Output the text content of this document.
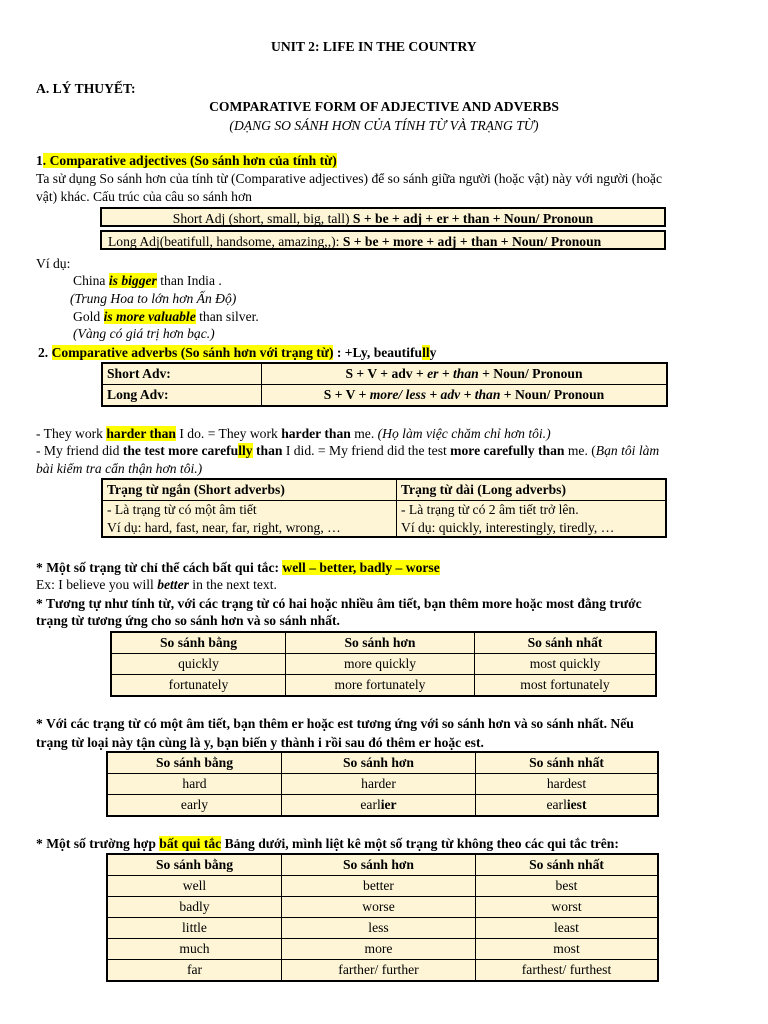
UNIT 2: LIFE IN THE COUNTRY
A. LÝ THUYẾT:
COMPARATIVE FORM OF ADJECTIVE AND ADVERBS
(DẠNG SO SÁNH HƠN CỦA TÍNH TỪ VÀ TRẠNG TỪ)
1. Comparative adjectives (So sánh hơn của tính từ)
Ta sử dụng So sánh hơn của tính từ (Comparative adjectives) để so sánh giữa người (hoặc vật) này với người (hoặc
vật) khác. Cấu trúc của câu so sánh hơn
Short Adj (short, small, big, tall) S + be + adj + er + than + Noun/ Pronoun
Long Adj(beatifull, handsome, amazing,,): S + be + more + adj + than + Noun/ Pronoun
Ví dụ:
China is bigger than India .
(Trung Hoa to lớn hơn Ấn Độ)
Gold is more valuable than silver.
(Vàng có giá trị hơn bạc.)
2. Comparative adverbs (So sánh hơn với trạng từ) : +Ly, beautifully
Short Adv:	S + V + adv + er + than + Noun/ Pronoun
Long Adv:	S + V + more/ less + adv + than + Noun/ Pronoun
- They work harder than I do. = They work harder than me. (Họ làm việc chăm chỉ hơn tôi.)
- My friend did the test more carefully than I did. = My friend did the test more carefully than me. (Bạn tôi làm
bài kiểm tra cẩn thận hơn tôi.)
Trạng từ ngắn (Short adverbs)	Trạng từ dài (Long adverbs)
- Là trạng từ có một âm tiết	- Là trạng từ có 2 âm tiết trở lên.
Ví dụ: hard, fast, near, far, right, wrong, …	Ví dụ: quickly, interestingly, tiredly, …
* Một số trạng từ chỉ thể cách bất qui tắc: well – better, badly – worse
Ex: I believe you will better in the next text.
* Tương tự như tính từ, với các trạng từ có hai hoặc nhiều âm tiết, bạn thêm more hoặc most đằng trước
trạng từ tương ứng cho so sánh hơn và so sánh nhất.
So sánh bằng	So sánh hơn	So sánh nhất
quickly	more quickly	most quickly
fortunately	more fortunately	most fortunately
* Với các trạng từ có một âm tiết, bạn thêm er hoặc est tương ứng với so sánh hơn và so sánh nhất. Nếu
trạng từ loại này tận cùng là y, bạn biến y thành i rồi sau đó thêm er hoặc est.
So sánh bằng	So sánh hơn	So sánh nhất
hard	harder	hardest
early	earlier	earliest
* Một số trường hợp bất qui tắc Bảng dưới, mình liệt kê một số trạng từ không theo các qui tắc trên:
So sánh bằng	So sánh hơn	So sánh nhất
well	better	best
badly	worse	worst
little	less	least
much	more	most
far	farther/ further	farthest/ furthest
